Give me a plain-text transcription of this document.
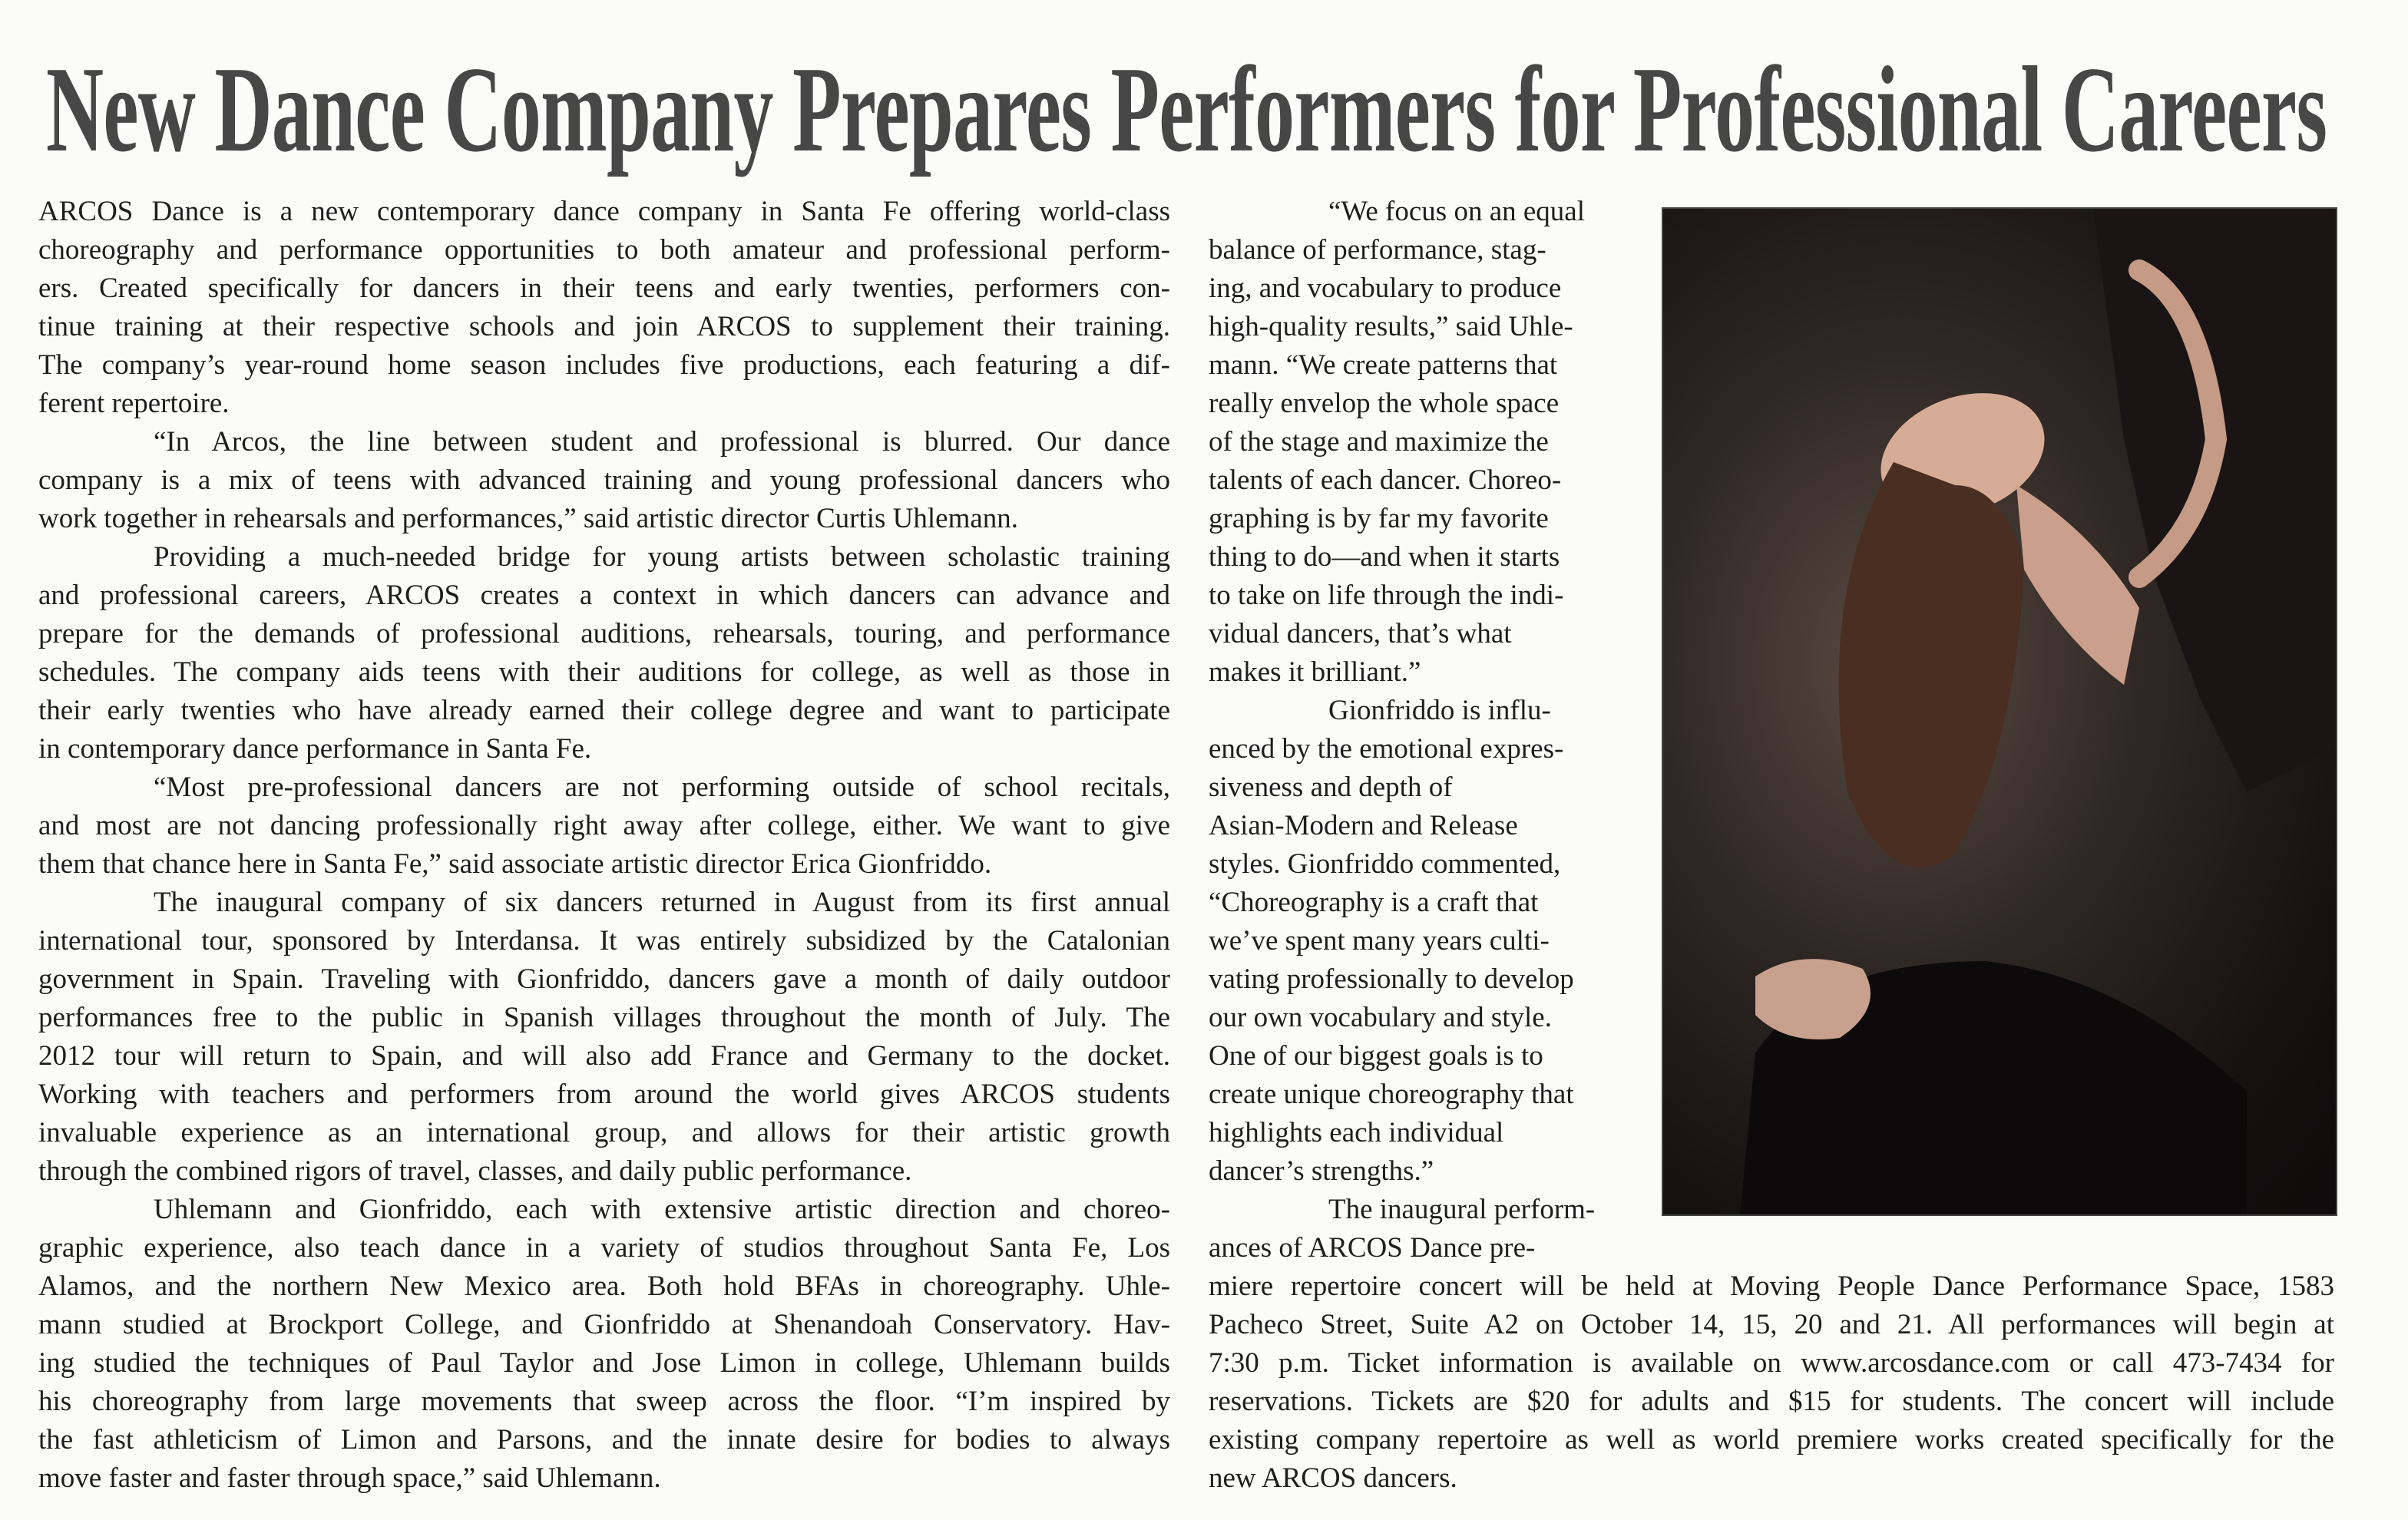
New Dance Company Prepares Performers for Professional Careers
ARCOS Dance is a new contemporary dance company in Santa Fe offering world-class
choreography and performance opportunities to both amateur and professional perform-
ers. Created specifically for dancers in their teens and early twenties, performers con-
tinue training at their respective schools and join ARCOS to supplement their training.
The company’s year-round home season includes five productions, each featuring a dif-
ferent repertoire.
“In Arcos, the line between student and professional is blurred. Our dance
company is a mix of teens with advanced training and young professional dancers who
work together in rehearsals and performances,” said artistic director Curtis Uhlemann.
Providing a much-needed bridge for young artists between scholastic training
and professional careers, ARCOS creates a context in which dancers can advance and
prepare for the demands of professional auditions, rehearsals, touring, and performance
schedules. The company aids teens with their auditions for college, as well as those in
their early twenties who have already earned their college degree and want to participate
in contemporary dance performance in Santa Fe.
“Most pre-professional dancers are not performing outside of school recitals,
and most are not dancing professionally right away after college, either. We want to give
them that chance here in Santa Fe,” said associate artistic director Erica Gionfriddo.
The inaugural company of six dancers returned in August from its first annual
international tour, sponsored by Interdansa. It was entirely subsidized by the Catalonian
government in Spain. Traveling with Gionfriddo, dancers gave a month of daily outdoor
performances free to the public in Spanish villages throughout the month of July. The
2012 tour will return to Spain, and will also add France and Germany to the docket.
Working with teachers and performers from around the world gives ARCOS students
invaluable experience as an international group, and allows for their artistic growth
through the combined rigors of travel, classes, and daily public performance.
Uhlemann and Gionfriddo, each with extensive artistic direction and choreo-
graphic experience, also teach dance in a variety of studios throughout Santa Fe, Los
Alamos, and the northern New Mexico area. Both hold BFAs in choreography. Uhle-
mann studied at Brockport College, and Gionfriddo at Shenandoah Conservatory. Hav-
ing studied the techniques of Paul Taylor and Jose Limon in college, Uhlemann builds
his choreography from large movements that sweep across the floor. “I’m inspired by
the fast athleticism of Limon and Parsons, and the innate desire for bodies to always
move faster and faster through space,” said Uhlemann.
“We focus on an equal
balance of performance, stag-
ing, and vocabulary to produce
high-quality results,” said Uhle-
mann. “We create patterns that
really envelop the whole space
of the stage and maximize the
talents of each dancer. Choreo-
graphing is by far my favorite
thing to do—and when it starts
to take on life through the indi-
vidual dancers, that’s what
makes it brilliant.”
Gionfriddo is influ-
enced by the emotional expres-
siveness and depth of
Asian-Modern and Release
styles. Gionfriddo commented,
“Choreography is a craft that
we’ve spent many years culti-
vating professionally to develop
our own vocabulary and style.
One of our biggest goals is to
create unique choreography that
highlights each individual
dancer’s strengths.”
The inaugural perform-
ances of ARCOS Dance pre-
miere repertoire concert will be held at Moving People Dance Performance Space, 1583
Pacheco Street, Suite A2 on October 14, 15, 20 and 21. All performances will begin at
7:30 p.m. Ticket information is available on www.arcosdance.com or call 473-7434 for
reservations. Tickets are $20 for adults and $15 for students. The concert will include
existing company repertoire as well as world premiere works created specifically for the
new ARCOS dancers.
